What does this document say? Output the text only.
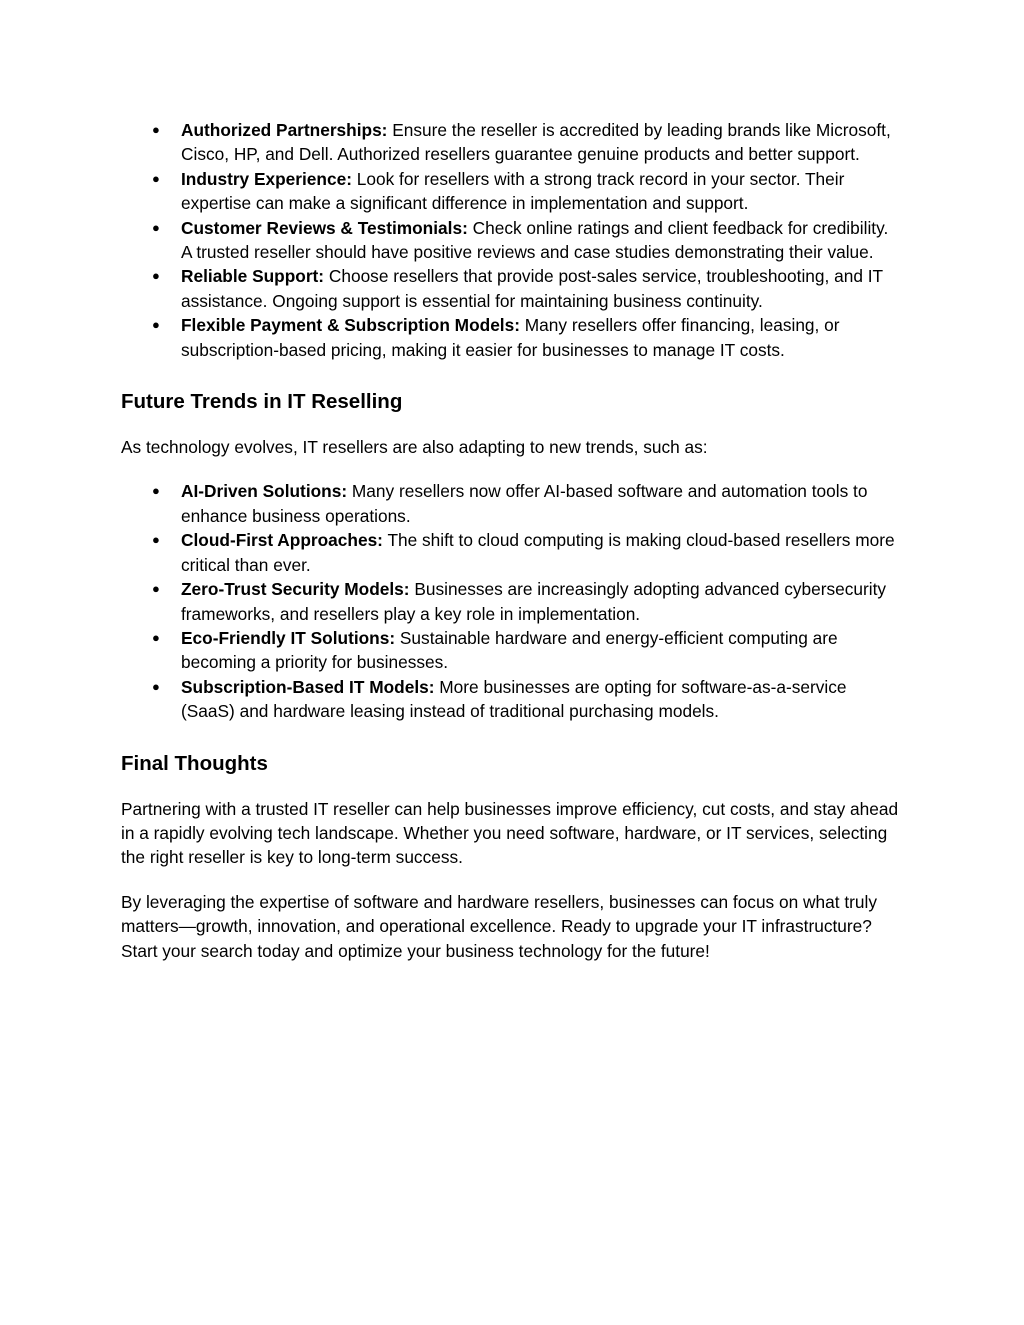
● Authorized Partnerships: Ensure the reseller is accredited by leading brands like Microsoft, Cisco, HP, and Dell. Authorized resellers guarantee genuine products and better support.
● Industry Experience: Look for resellers with a strong track record in your sector. Their expertise can make a significant difference in implementation and support.
● Customer Reviews & Testimonials: Check online ratings and client feedback for credibility. A trusted reseller should have positive reviews and case studies demonstrating their value.
● Reliable Support: Choose resellers that provide post-sales service, troubleshooting, and IT assistance. Ongoing support is essential for maintaining business continuity.
● Flexible Payment & Subscription Models: Many resellers offer financing, leasing, or subscription-based pricing, making it easier for businesses to manage IT costs.
Future Trends in IT Reselling

As technology evolves, IT resellers are also adapting to new trends, such as:

● AI-Driven Solutions: Many resellers now offer AI-based software and automation tools to enhance business operations.
● Cloud-First Approaches: The shift to cloud computing is making cloud-based resellers more critical than ever.
● Zero-Trust Security Models: Businesses are increasingly adopting advanced cybersecurity frameworks, and resellers play a key role in implementation.
● Eco-Friendly IT Solutions: Sustainable hardware and energy-efficient computing are becoming a priority for businesses.
● Subscription-Based IT Models: More businesses are opting for software-as-a-service (SaaS) and hardware leasing instead of traditional purchasing models.
Final Thoughts

Partnering with a trusted IT reseller can help businesses improve efficiency, cut costs, and stay ahead in a rapidly evolving tech landscape. Whether you need software, hardware, or IT services, selecting the right reseller is key to long-term success.

By leveraging the expertise of software and hardware resellers, businesses can focus on what truly matters—growth, innovation, and operational excellence. Ready to upgrade your IT infrastructure? Start your search today and optimize your business technology for the future!
